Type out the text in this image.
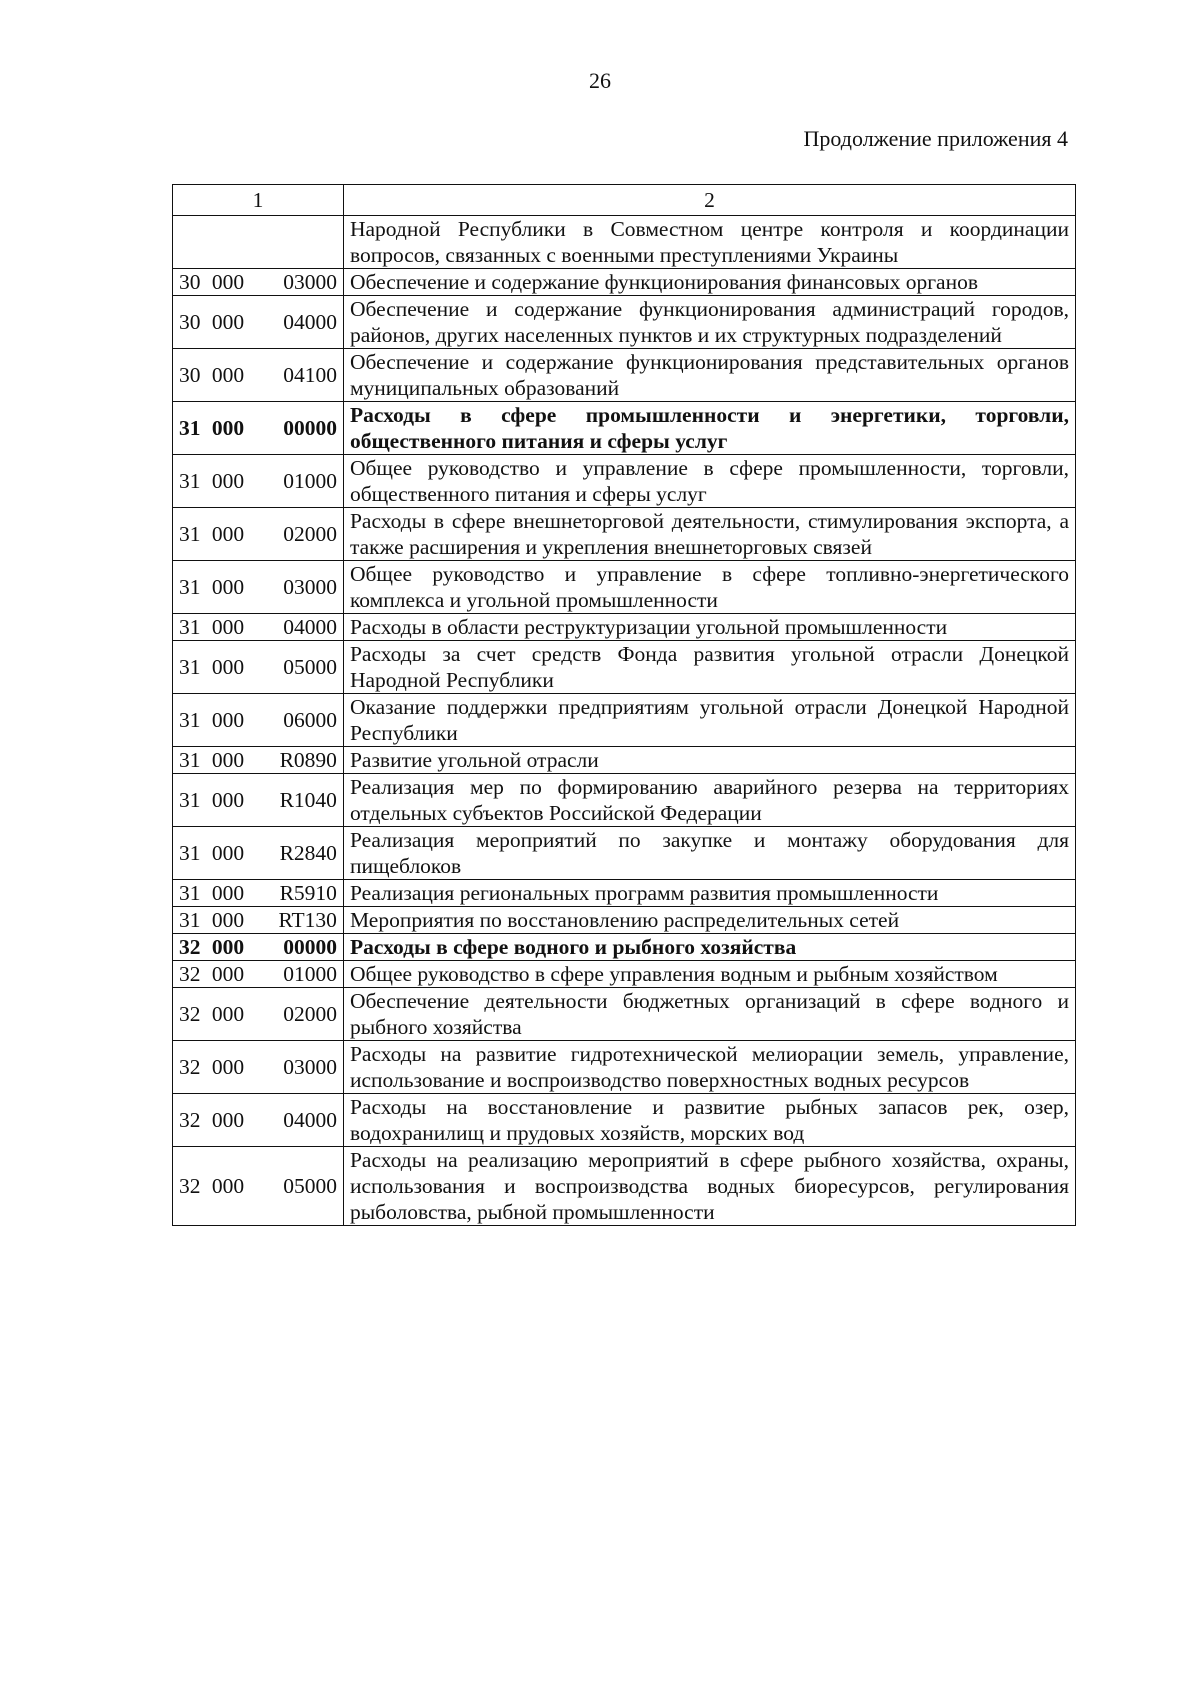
26
Продолжение приложения 4
1	2

	Народной Республики в Совместном центре контроля и координации вопросов, связанных с военными преступлениями Украины

30 000 03000	Обеспечение и содержание функционирования финансовых органов

30 000 04000	Обеспечение и содержание функционирования администраций городов, районов, других населенных пунктов и их структурных подразделений

30 000 04100	Обеспечение и содержание функционирования представительных органов муниципальных образований

31 000 00000	Расходы в сфере промышленности и энергетики, торговли, общественного питания и сферы услуг

31 000 01000	Общее руководство и управление в сфере промышленности, торговли, общественного питания и сферы услуг

31 000 02000	Расходы в сфере внешнеторговой деятельности, стимулирования экспорта, а также расширения и укрепления внешнеторговых связей

31 000 03000	Общее руководство и управление в сфере топливно-энергетического комплекса и угольной промышленности

31 000 04000	Расходы в области реструктуризации угольной промышленности

31 000 05000	Расходы за счет средств Фонда развития угольной отрасли Донецкой Народной Республики

31 000 06000	Оказание поддержки предприятиям угольной отрасли Донецкой Народной Республики

31 000 R0890	Развитие угольной отрасли

31 000 R1040	Реализация мер по формированию аварийного резерва на территориях отдельных субъектов Российской Федерации

31 000 R2840	Реализация мероприятий по закупке и монтажу оборудования для пищеблоков

31 000 R5910	Реализация региональных программ развития промышленности

31 000 RT130	Мероприятия по восстановлению распределительных сетей

32 000 00000	Расходы в сфере водного и рыбного хозяйства

32 000 01000	Общее руководство в сфере управления водным и рыбным хозяйством

32 000 02000	Обеспечение деятельности бюджетных организаций в сфере водного и рыбного хозяйства

32 000 03000	Расходы на развитие гидротехнической мелиорации земель, управление, использование и воспроизводство поверхностных водных ресурсов

32 000 04000	Расходы на восстановление и развитие рыбных запасов рек, озер, водохранилищ и прудовых хозяйств, морских вод

32 000 05000	Расходы на реализацию мероприятий в сфере рыбного хозяйства, охраны, использования и воспроизводства водных биоресурсов, регулирования рыболовства, рыбной промышленности
